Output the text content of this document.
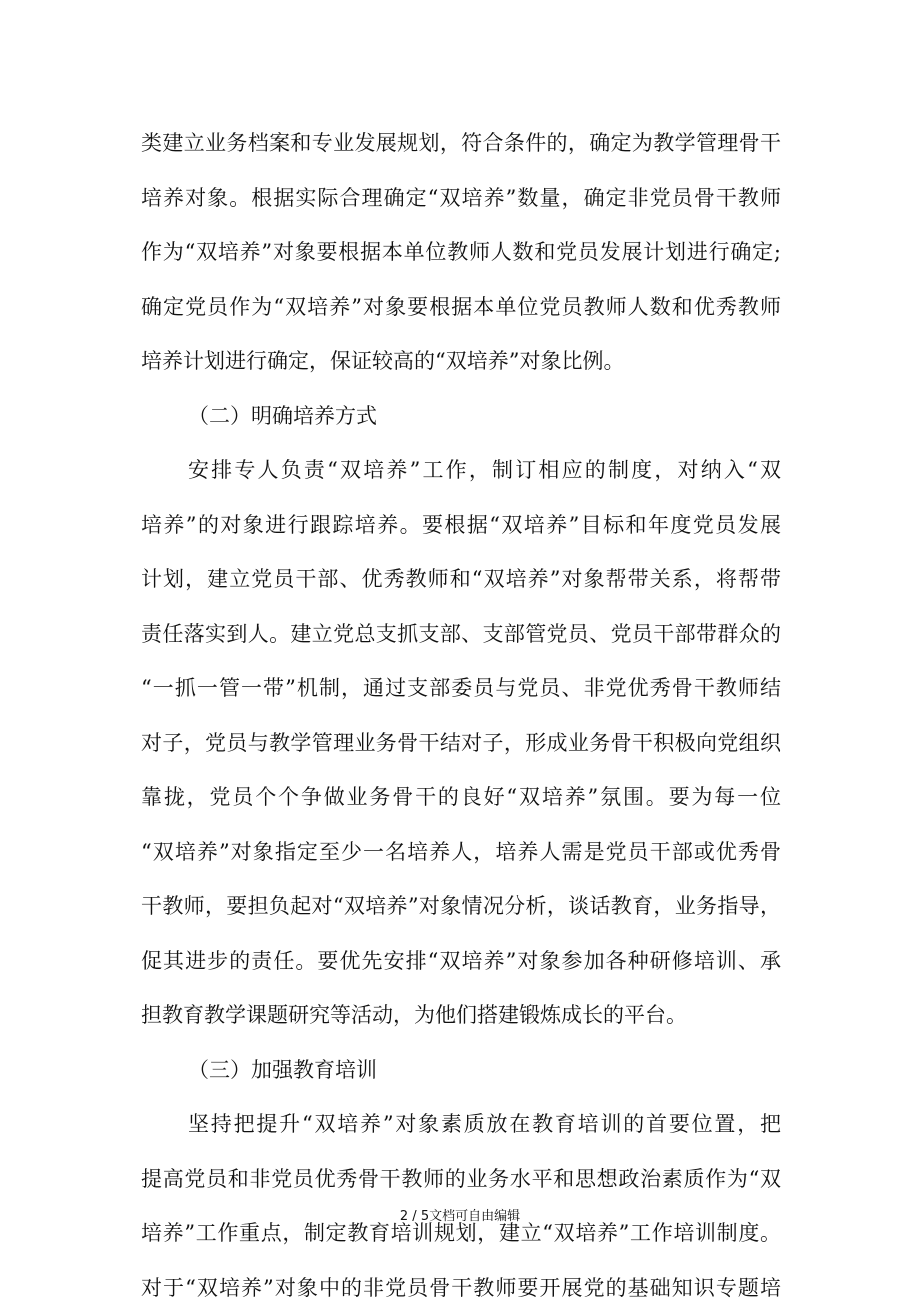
类建立业务档案和专业发展规划，符合条件的，确定为教学管理骨干
培养对象。根据实际合理确定“双培养”数量，确定非党员骨干教师
作为“双培养”对象要根据本单位教师人数和党员发展计划进行确定;
确定党员作为“双培养”对象要根据本单位党员教师人数和优秀教师
培养计划进行确定，保证较高的“双培养”对象比例。
（二）明确培养方式
安排专人负责“双培养”工作，制订相应的制度，对纳入“双
培养”的对象进行跟踪培养。要根据“双培养”目标和年度党员发展
计划，建立党员干部、优秀教师和“双培养”对象帮带关系，将帮带
责任落实到人。建立党总支抓支部、支部管党员、党员干部带群众的
“一抓一管一带”机制，通过支部委员与党员、非党优秀骨干教师结
对子，党员与教学管理业务骨干结对子，形成业务骨干积极向党组织
靠拢，党员个个争做业务骨干的良好“双培养”氛围。要为每一位
“双培养”对象指定至少一名培养人，培养人需是党员干部或优秀骨
干教师，要担负起对“双培养”对象情况分析，谈话教育，业务指导，
促其进步的责任。要优先安排“双培养”对象参加各种研修培训、承
担教育教学课题研究等活动，为他们搭建锻炼成长的平台。
（三）加强教育培训
坚持把提升“双培养”对象素质放在教育培训的首要位置，把
提高党员和非党员优秀骨干教师的业务水平和思想政治素质作为“双
培养”工作重点，制定教育培训规划，建立“双培养”工作培训制度。
对于“双培养”对象中的非党员骨干教师要开展党的基础知识专题培
2 / 5文档可自由编辑
